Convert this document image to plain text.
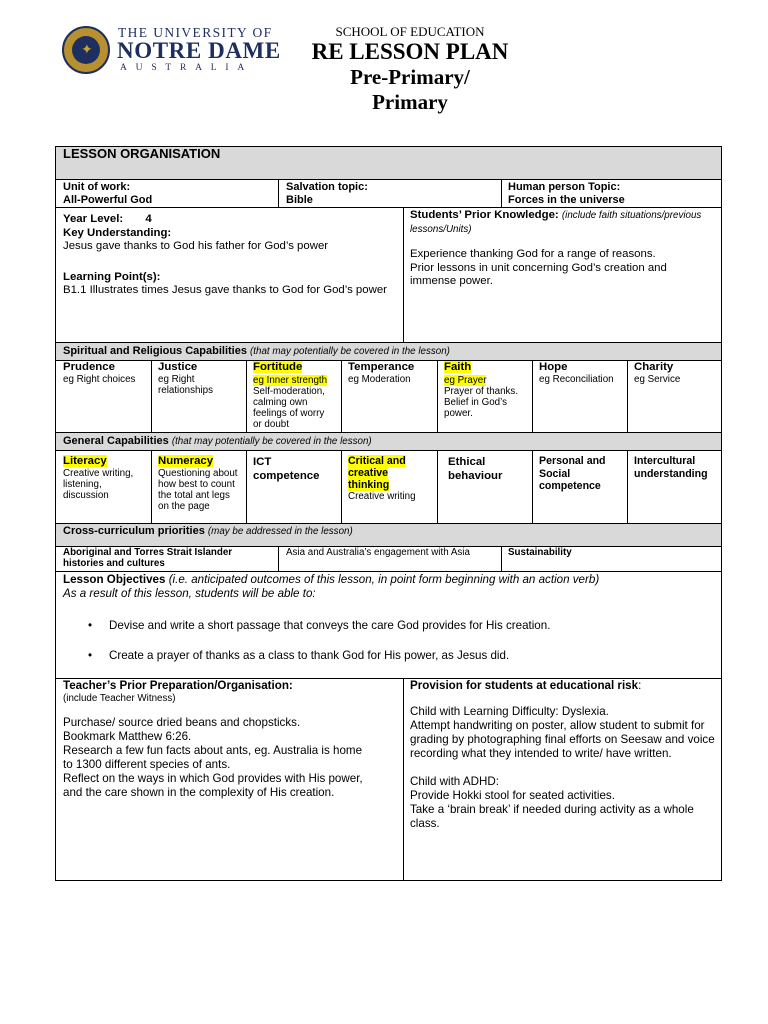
✦
THE UNIVERSITY OF
NOTRE DAME
AUSTRALIA
SCHOOL OF EDUCATION
RE LESSON PLAN
Pre-Primary/
Primary
LESSON ORGANISATION
Unit of work:
All-Powerful God
Salvation topic:
Bible
Human person Topic:
Forces in the universe
Year Level: 4
Key Understanding:
Jesus gave thanks to God his father for God’s power
Learning Point(s):
B1.1 Illustrates times Jesus gave thanks to God for God’s power
Students’ Prior Knowledge: (include faith situations/previous lessons/Units)
Experience thanking God for a range of reasons.
Prior lessons in unit concerning God’s creation and immense power.
Spiritual and Religious Capabilities (that may potentially be covered in the lesson)
Prudence
eg Right choices
Justice
eg Right relationships
Fortitude
eg Inner strength
Self-moderation, calming own feelings of worry or doubt
Temperance
eg Moderation
Faith
eg Prayer
Prayer of thanks.
Belief in God’s power.
Hope
eg Reconciliation
Charity
eg Service
General Capabilities (that may potentially be covered in the lesson)
Literacy
Creative writing, listening, discussion
Numeracy
Questioning about how best to count the total ant legs on the page
ICT competence
Critical and creative thinking
Creative writing
Ethical behaviour
Personal and Social competence
Intercultural understanding
Cross-curriculum priorities (may be addressed in the lesson)
Aboriginal and Torres Strait Islander histories and cultures
Asia and Australia’s engagement with Asia	Sustainability
Lesson Objectives (i.e. anticipated outcomes of this lesson, in point form beginning with an action verb)
As a result of this lesson, students will be able to:
• Devise and write a short passage that conveys the care God provides for His creation.
• Create a prayer of thanks as a class to thank God for His power, as Jesus did.
Teacher’s Prior Preparation/Organisation:
(include Teacher Witness)
Purchase/ source dried beans and chopsticks.
Bookmark Matthew 6:26.
Research a few fun facts about ants, eg. Australia is home to 1300 different species of ants.
Reflect on the ways in which God provides with His power, and the care shown in the complexity of His creation.
Provision for students at educational risk:
Child with Learning Difficulty: Dyslexia.
Attempt handwriting on poster, allow student to submit for grading by photographing final efforts on Seesaw and voice recording what they intended to write/ have written.
Child with ADHD:
Provide Hokki stool for seated activities.
Take a ‘brain break’ if needed during activity as a whole class.
